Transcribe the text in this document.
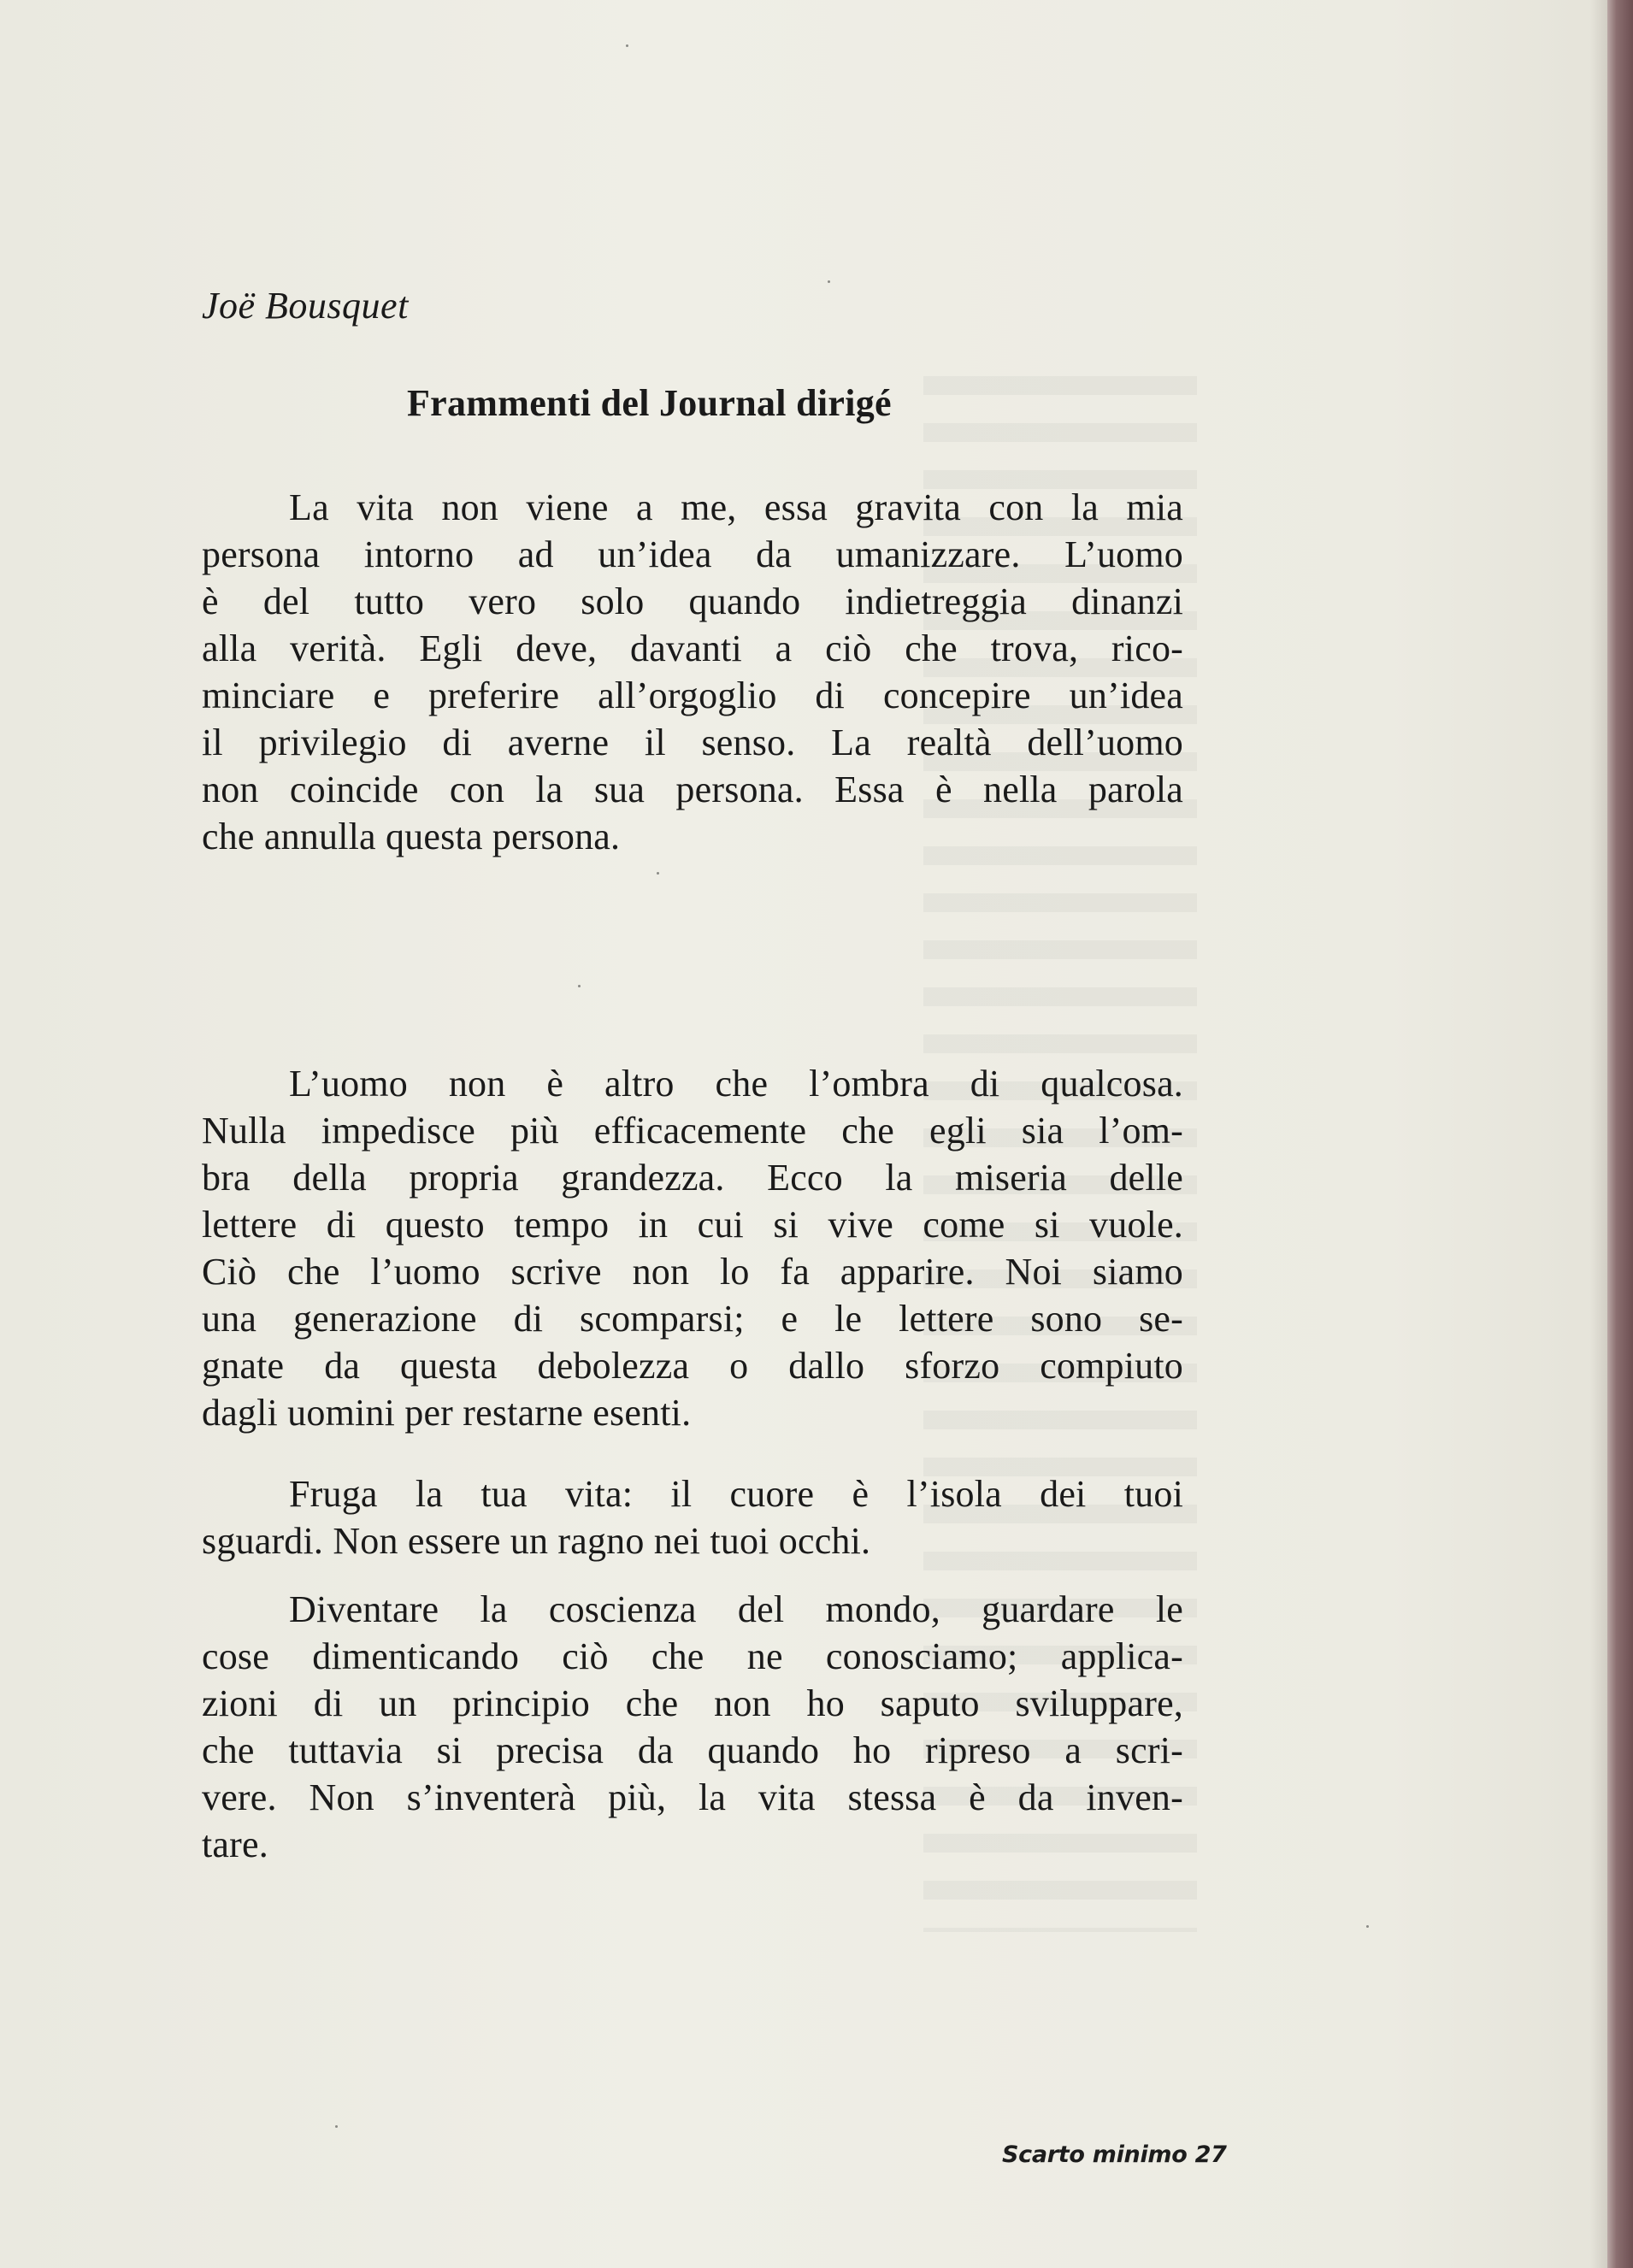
Joë Bousquet
Frammenti del Journal dirigé
La vita non viene a me, essa gravita con la mia
persona intorno ad un’idea da umanizzare. L’uomo
è del tutto vero solo quando indietreggia dinanzi
alla verità. Egli deve, davanti a ciò che trova, rico-
minciare e preferire all’orgoglio di concepire un’idea
il privilegio di averne il senso. La realtà dell’uomo
non coincide con la sua persona. Essa è nella parola
che annulla questa persona.
L’uomo non è altro che l’ombra di qualcosa.
Nulla impedisce più efficacemente che egli sia l’om-
bra della propria grandezza. Ecco la miseria delle
lettere di questo tempo in cui si vive come si vuole.
Ciò che l’uomo scrive non lo fa apparire. Noi siamo
una generazione di scomparsi; e le lettere sono se-
gnate da questa debolezza o dallo sforzo compiuto
dagli uomini per restarne esenti.
Fruga la tua vita: il cuore è l’isola dei tuoi
sguardi. Non essere un ragno nei tuoi occhi.
Diventare la coscienza del mondo, guardare le
cose dimenticando ciò che ne conosciamo; applica-
zioni di un principio che non ho saputo sviluppare,
che tuttavia si precisa da quando ho ripreso a scri-
vere. Non s’inventerà più, la vita stessa è da inven-
tare.
Scarto minimo 27
